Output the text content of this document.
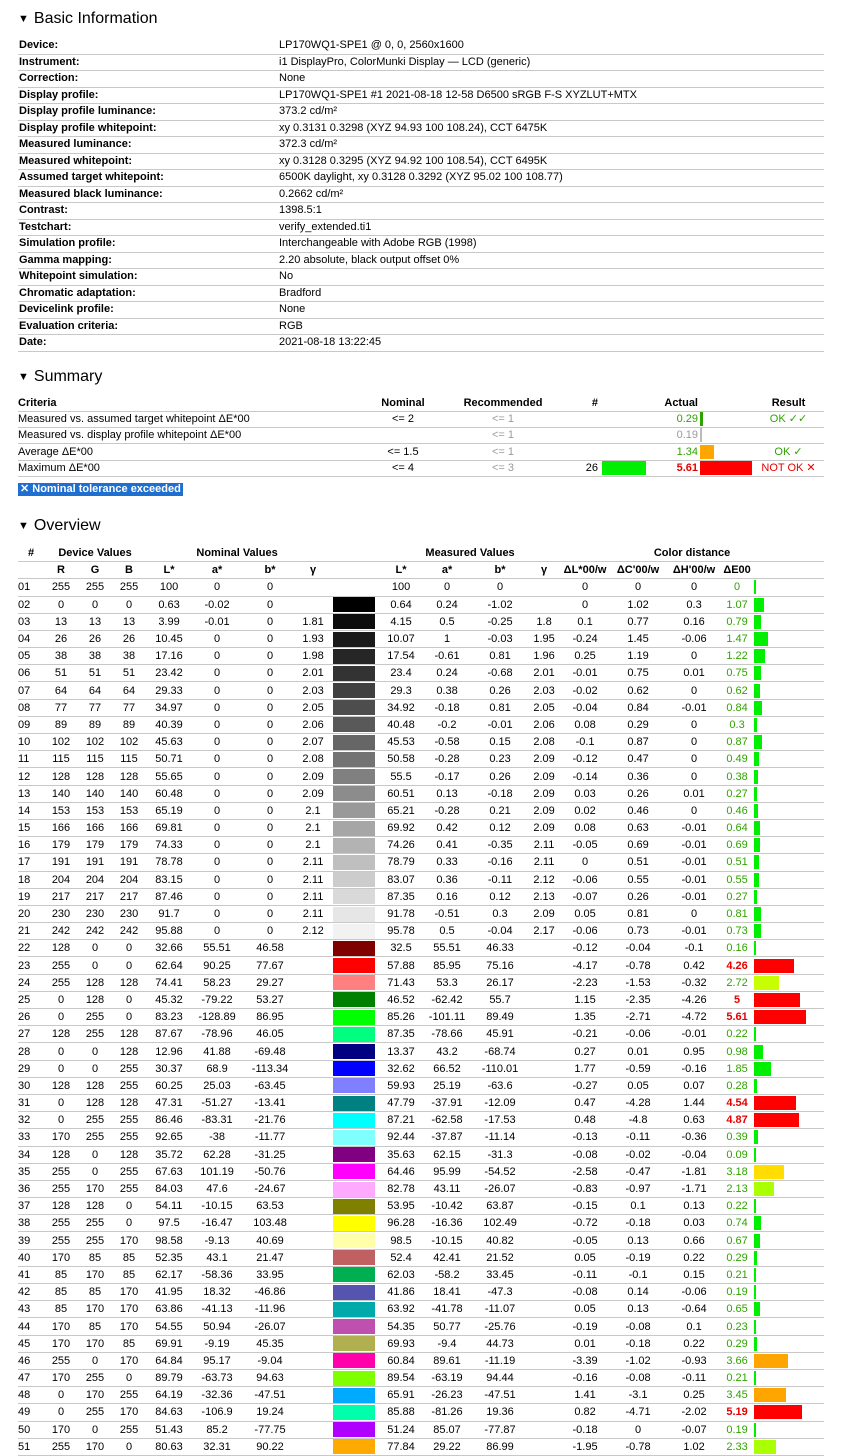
▼ Basic Information
Device:	LP170WQ1-SPE1 @ 0, 0, 2560x1600
Instrument:	i1 DisplayPro, ColorMunki Display — LCD (generic)
Correction:	None
Display profile:	LP170WQ1-SPE1 #1 2021-08-18 12-58 D6500 sRGB F-S XYZLUT+MTX
Display profile luminance:	373.2 cd/m²
Display profile whitepoint:	xy 0.3131 0.3298 (XYZ 94.93 100 108.24), CCT 6475K
Measured luminance:	372.3 cd/m²
Measured whitepoint:	xy 0.3128 0.3295 (XYZ 94.92 100 108.54), CCT 6495K
Assumed target whitepoint:	6500K daylight, xy 0.3128 0.3292 (XYZ 95.02 100 108.77)
Measured black luminance:	0.2662 cd/m²
Contrast:	1398.5:1
Testchart:	verify_extended.ti1
Simulation profile:	Interchangeable with Adobe RGB (1998)
Gamma mapping:	2.20 absolute, black output offset 0%
Whitepoint simulation:	No
Chromatic adaptation:	Bradford
Devicelink profile:	None
Evaluation criteria:	RGB
Date:	2021-08-18 13:22:45
▼ Summary
Criteria	Nominal	Recommended	#		Actual		Result
Measured vs. assumed target whitepoint ΔE*00	<= 2	<= 1			0.29		OK ✓✓
Measured vs. display profile whitepoint ΔE*00		<= 1			0.19		
Average ΔE*00	<= 1.5	<= 1			1.34		OK ✓
Maximum ΔE*00	<= 4	<= 3	26		5.61		NOT OK ✕
✕ Nominal tolerance exceeded
▼ Overview
#	Device Values			Nominal Values					Measured Values				Color distance				
	R	G	B	L*	a*	b*	γ		L*	a*	b*	γ	ΔL*00/w	ΔC'00/w	ΔH'00/w	ΔE00	
01	255	255	255	100	0	0			100	0	0		0	0	0	0	

02	0	0	0	0.63	-0.02	0			0.64	0.24	-1.02		0	1.02	0.3	1.07	

03	13	13	13	3.99	-0.01	0	1.81		4.15	0.5	-0.25	1.8	0.1	0.77	0.16	0.79	

04	26	26	26	10.45	0	0	1.93		10.07	1	-0.03	1.95	-0.24	1.45	-0.06	1.47	

05	38	38	38	17.16	0	0	1.98		17.54	-0.61	0.81	1.96	0.25	1.19	0	1.22	

06	51	51	51	23.42	0	0	2.01		23.4	0.24	-0.68	2.01	-0.01	0.75	0.01	0.75	

07	64	64	64	29.33	0	0	2.03		29.3	0.38	0.26	2.03	-0.02	0.62	0	0.62	

08	77	77	77	34.97	0	0	2.05		34.92	-0.18	0.81	2.05	-0.04	0.84	-0.01	0.84	

09	89	89	89	40.39	0	0	2.06		40.48	-0.2	-0.01	2.06	0.08	0.29	0	0.3	

10	102	102	102	45.63	0	0	2.07		45.53	-0.58	0.15	2.08	-0.1	0.87	0	0.87	

11	115	115	115	50.71	0	0	2.08		50.58	-0.28	0.23	2.09	-0.12	0.47	0	0.49	

12	128	128	128	55.65	0	0	2.09		55.5	-0.17	0.26	2.09	-0.14	0.36	0	0.38	

13	140	140	140	60.48	0	0	2.09		60.51	0.13	-0.18	2.09	0.03	0.26	0.01	0.27	

14	153	153	153	65.19	0	0	2.1		65.21	-0.28	0.21	2.09	0.02	0.46	0	0.46	

15	166	166	166	69.81	0	0	2.1		69.92	0.42	0.12	2.09	0.08	0.63	-0.01	0.64	

16	179	179	179	74.33	0	0	2.1		74.26	0.41	-0.35	2.11	-0.05	0.69	-0.01	0.69	

17	191	191	191	78.78	0	0	2.11		78.79	0.33	-0.16	2.11	0	0.51	-0.01	0.51	

18	204	204	204	83.15	0	0	2.11		83.07	0.36	-0.11	2.12	-0.06	0.55	-0.01	0.55	

19	217	217	217	87.46	0	0	2.11		87.35	0.16	0.12	2.13	-0.07	0.26	-0.01	0.27	

20	230	230	230	91.7	0	0	2.11		91.78	-0.51	0.3	2.09	0.05	0.81	0	0.81	

21	242	242	242	95.88	0	0	2.12		95.78	0.5	-0.04	2.17	-0.06	0.73	-0.01	0.73	

22	128	0	0	32.66	55.51	46.58			32.5	55.51	46.33		-0.12	-0.04	-0.1	0.16	

23	255	0	0	62.64	90.25	77.67			57.88	85.95	75.16		-4.17	-0.78	0.42	4.26	

24	255	128	128	74.41	58.23	29.27			71.43	53.3	26.17		-2.23	-1.53	-0.32	2.72	

25	0	128	0	45.32	-79.22	53.27			46.52	-62.42	55.7		1.15	-2.35	-4.26	5	

26	0	255	0	83.23	-128.89	86.95			85.26	-101.11	89.49		1.35	-2.71	-4.72	5.61	

27	128	255	128	87.67	-78.96	46.05			87.35	-78.66	45.91		-0.21	-0.06	-0.01	0.22	

28	0	0	128	12.96	41.88	-69.48			13.37	43.2	-68.74		0.27	0.01	0.95	0.98	

29	0	0	255	30.37	68.9	-113.34			32.62	66.52	-110.01		1.77	-0.59	-0.16	1.85	

30	128	128	255	60.25	25.03	-63.45			59.93	25.19	-63.6		-0.27	0.05	0.07	0.28	

31	0	128	128	47.31	-51.27	-13.41			47.79	-37.91	-12.09		0.47	-4.28	1.44	4.54	

32	0	255	255	86.46	-83.31	-21.76			87.21	-62.58	-17.53		0.48	-4.8	0.63	4.87	

33	170	255	255	92.65	-38	-11.77			92.44	-37.87	-11.14		-0.13	-0.11	-0.36	0.39	

34	128	0	128	35.72	62.28	-31.25			35.63	62.15	-31.3		-0.08	-0.02	-0.04	0.09	

35	255	0	255	67.63	101.19	-50.76			64.46	95.99	-54.52		-2.58	-0.47	-1.81	3.18	

36	255	170	255	84.03	47.6	-24.67			82.78	43.11	-26.07		-0.83	-0.97	-1.71	2.13	

37	128	128	0	54.11	-10.15	63.53			53.95	-10.42	63.87		-0.15	0.1	0.13	0.22	

38	255	255	0	97.5	-16.47	103.48			96.28	-16.36	102.49		-0.72	-0.18	0.03	0.74	

39	255	255	170	98.58	-9.13	40.69			98.5	-10.15	40.82		-0.05	0.13	0.66	0.67	

40	170	85	85	52.35	43.1	21.47			52.4	42.41	21.52		0.05	-0.19	0.22	0.29	

41	85	170	85	62.17	-58.36	33.95			62.03	-58.2	33.45		-0.11	-0.1	0.15	0.21	

42	85	85	170	41.95	18.32	-46.86			41.86	18.41	-47.3		-0.08	0.14	-0.06	0.19	

43	85	170	170	63.86	-41.13	-11.96			63.92	-41.78	-11.07		0.05	0.13	-0.64	0.65	

44	170	85	170	54.55	50.94	-26.07			54.35	50.77	-25.76		-0.19	-0.08	0.1	0.23	

45	170	170	85	69.91	-9.19	45.35			69.93	-9.4	44.73		0.01	-0.18	0.22	0.29	

46	255	0	170	64.84	95.17	-9.04			60.84	89.61	-11.19		-3.39	-1.02	-0.93	3.66	

47	170	255	0	89.79	-63.73	94.63			89.54	-63.19	94.44		-0.16	-0.08	-0.11	0.21	

48	0	170	255	64.19	-32.36	-47.51			65.91	-26.23	-47.51		1.41	-3.1	0.25	3.45	

49	0	255	170	84.63	-106.9	19.24			85.88	-81.26	19.36		0.82	-4.71	-2.02	5.19	

50	170	0	255	51.43	85.2	-77.75			51.24	85.07	-77.87		-0.18	0	-0.07	0.19	

51	255	170	0	80.63	32.31	90.22			77.84	29.22	86.99		-1.95	-0.78	1.02	2.33	
